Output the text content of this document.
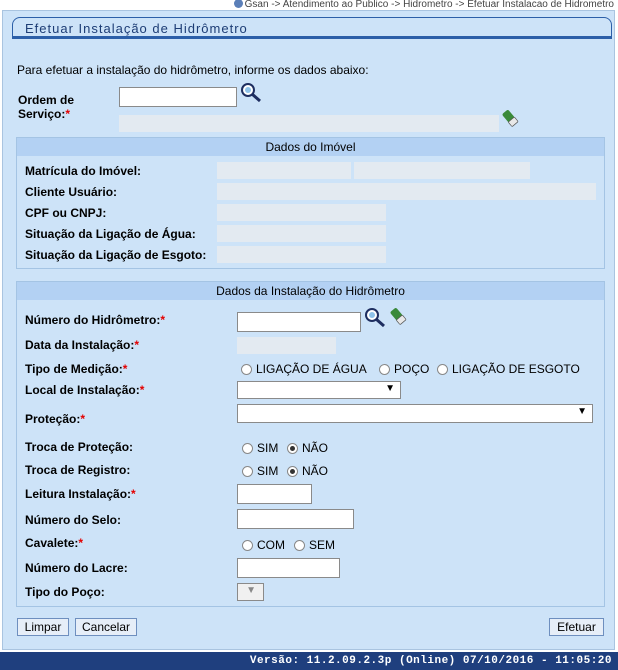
Gsan -> Atendimento ao Publico -> Hidrometro -> Efetuar Instalacao de Hidrometro
Efetuar Instalação de Hidrômetro
Para efetuar a instalação do hidrômetro, informe os dados abaixo:
Ordem de
Serviço:*
Dados do Imóvel
Matrícula do Imóvel:
Cliente Usuário:
CPF ou CNPJ:
Situação da Ligação de Água:
Situação da Ligação de Esgoto:
Dados da Instalação do Hidrômetro
Número do Hidrômetro:*
Data da Instalação:*
Tipo de Medição:*	LIGAÇÃO DE ÁGUA	POÇO	LIGAÇÃO DE ESGOTO
Local de Instalação:*	▼
Proteção:*
▼
Troca de Proteção:	SIM	NÃO
Troca de Registro:	SIM	NÃO
Leitura Instalação:*
Número do Selo:
Cavalete:*	COM	SEM
Número do Lacre:
Tipo do Poço:	▼
Limpar	Cancelar	Efetuar
Versão: 11.2.09.2.3p (Online) 07/10/2016 - 11:05:20
